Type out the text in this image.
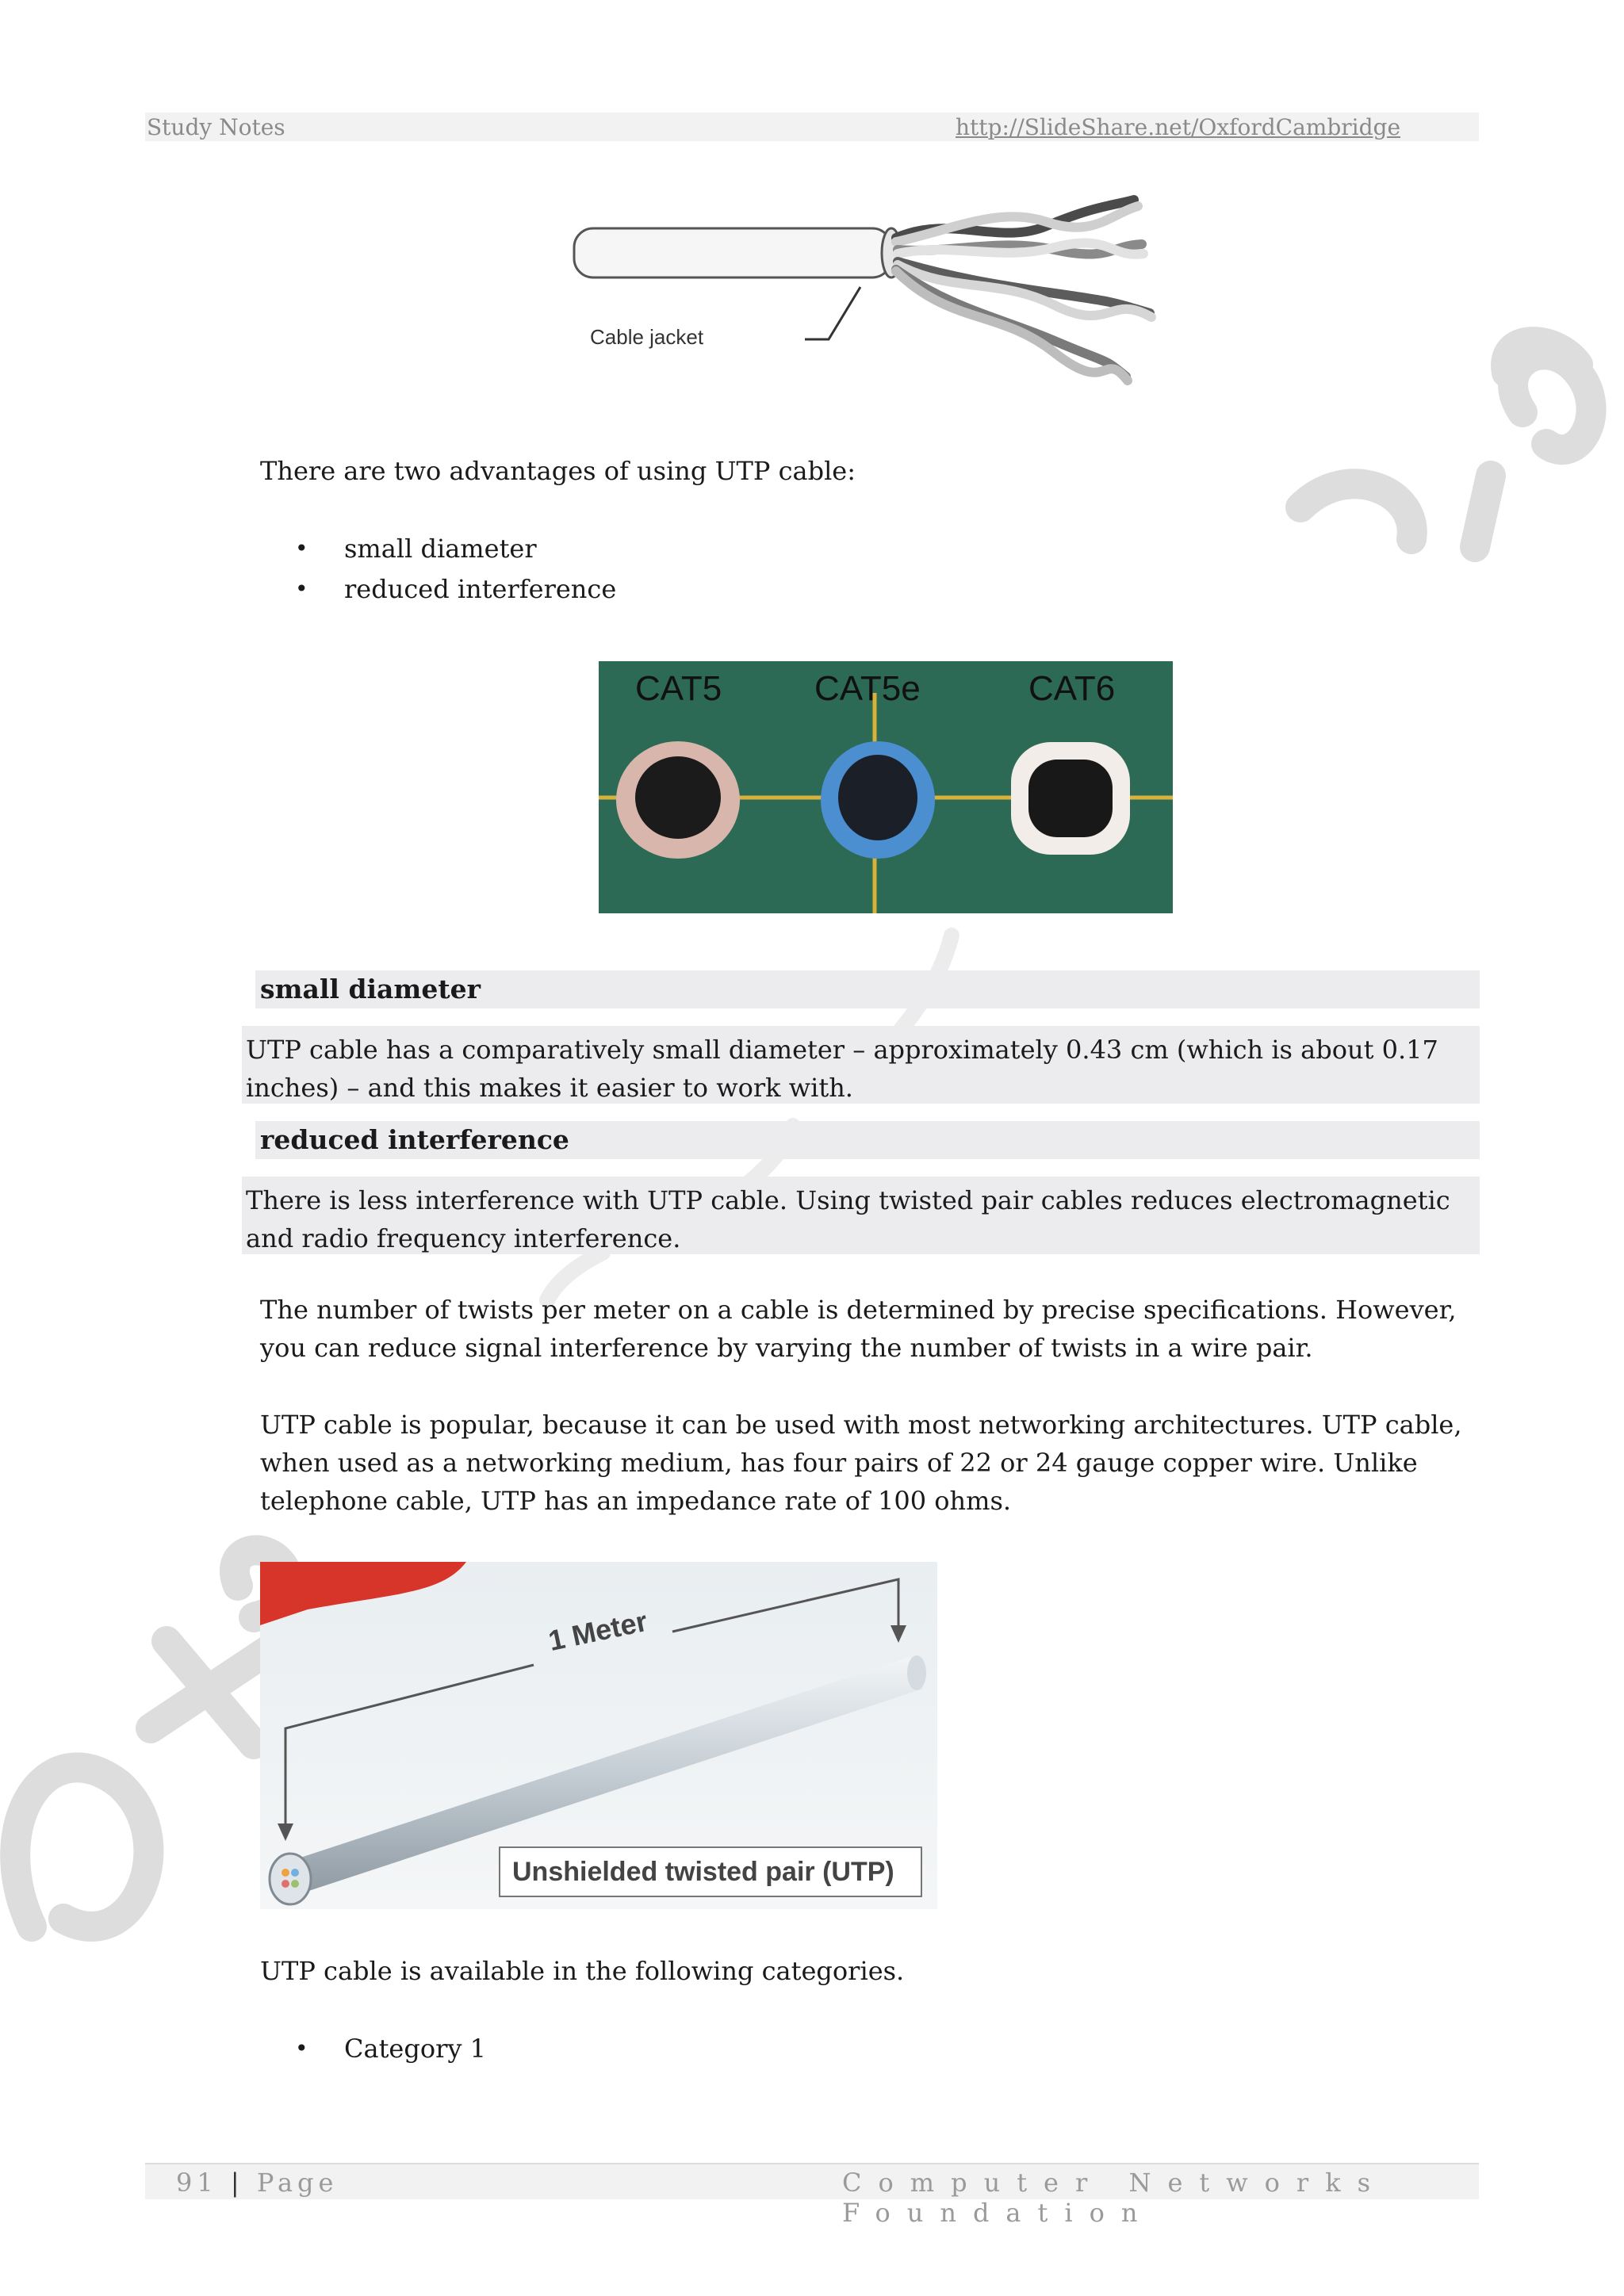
Study Notes	http://SlideShare.net/OxfordCambridge
Cable jacket
There are two advantages of using UTP cable:
• small diameter
• reduced interference
CAT5	CAT5e	CAT6
small diameter
UTP cable has a comparatively small diameter – approximately 0.43 cm (which is about 0.17 inches) – and this makes it easier to work with.
reduced interference
There is less interference with UTP cable. Using twisted pair cables reduces electromagnetic and radio frequency interference.
The number of twists per meter on a cable is determined by precise specifications. However, you can reduce signal interference by varying the number of twists in a wire pair.
UTP cable is popular, because it can be used with most networking architectures. UTP cable, when used as a networking medium, has four pairs of 22 or 24 gauge copper wire. Unlike telephone cable, UTP has an impedance rate of 100 ohms.
1 Meter
Unshielded twisted pair (UTP)
UTP cable is available in the following categories.
• Category 1
91 | Page	Computer Networks Foundation
